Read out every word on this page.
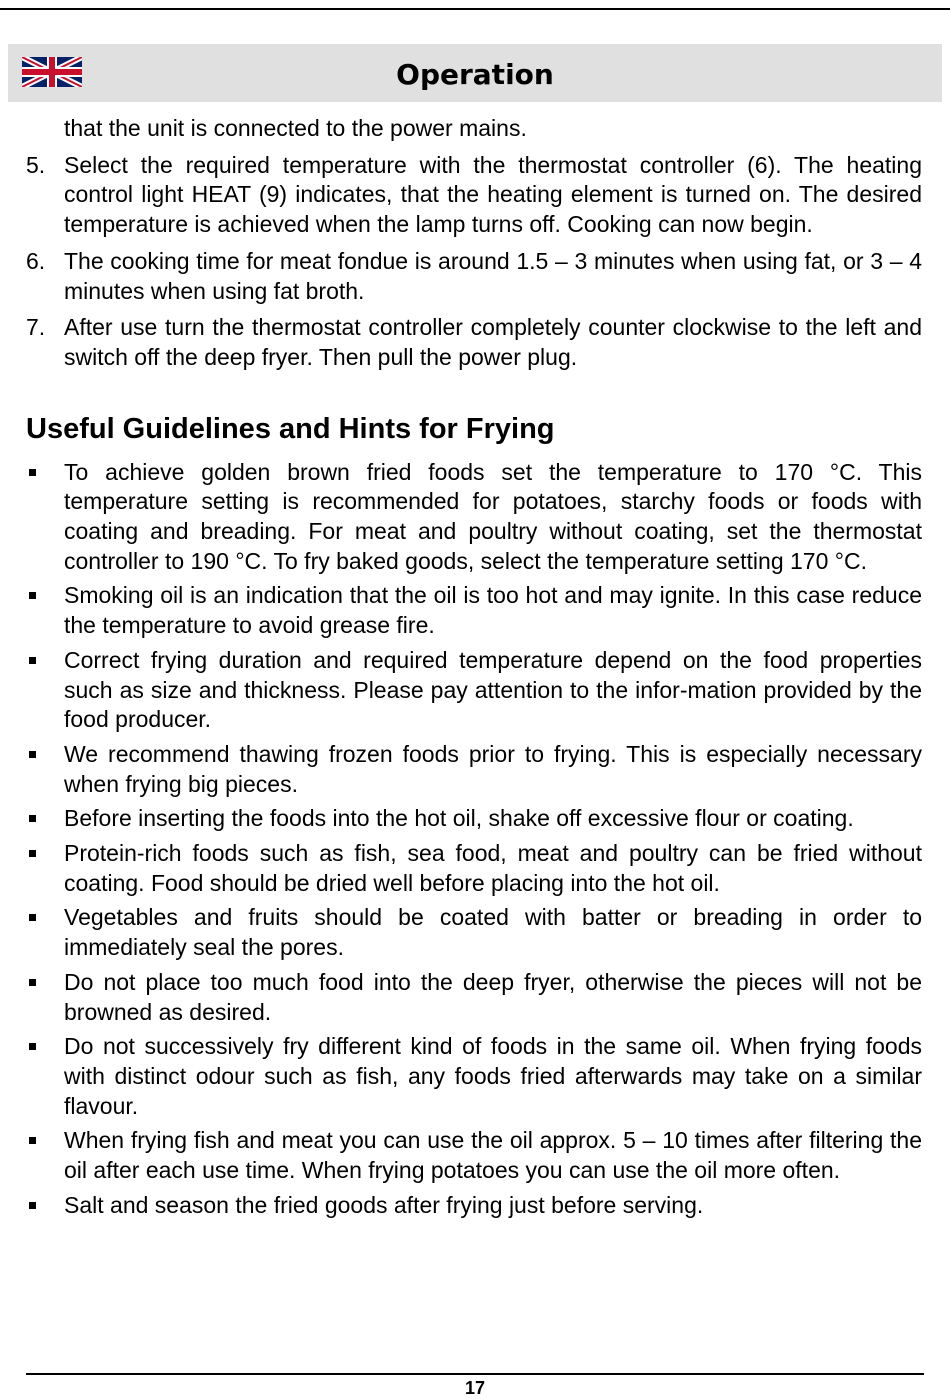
Operation
that the unit is connected to the power mains.
5. Select the required temperature with the thermostat controller (6). The heating control light HEAT (9) indicates, that the heating element is turned on. The desired temperature is achieved when the lamp turns off. Cooking can now begin.
6. The cooking time for meat fondue is around 1.5 – 3 minutes when using fat, or 3 – 4 minutes when using fat broth.
7. After use turn the thermostat controller completely counter clockwise to the left and switch off the deep fryer. Then pull the power plug.
Useful Guidelines and Hints for Frying
To achieve golden brown fried foods set the temperature to 170 °C. This temperature setting is recommended for potatoes, starchy foods or foods with coating and breading. For meat and poultry without coating, set the thermostat controller to 190 °C. To fry baked goods, select the temperature setting 170 °C.
Smoking oil is an indication that the oil is too hot and may ignite. In this case reduce the temperature to avoid grease fire.
Correct frying duration and required temperature depend on the food properties such as size and thickness. Please pay attention to the infor-mation provided by the food producer.
We recommend thawing frozen foods prior to frying. This is especially necessary when frying big pieces.
Before inserting the foods into the hot oil, shake off excessive flour or coating.
Protein-rich foods such as fish, sea food, meat and poultry can be fried without coating. Food should be dried well before placing into the hot oil.
Vegetables and fruits should be coated with batter or breading in order to immediately seal the pores.
Do not place too much food into the deep fryer, otherwise the pieces will not be browned as desired.
Do not successively fry different kind of foods in the same oil. When frying foods with distinct odour such as fish, any foods fried afterwards may take on a similar flavour.
When frying fish and meat you can use the oil approx. 5 – 10 times after filtering the oil after each use time. When frying potatoes you can use the oil more often.
Salt and season the fried goods after frying just before serving.
17
